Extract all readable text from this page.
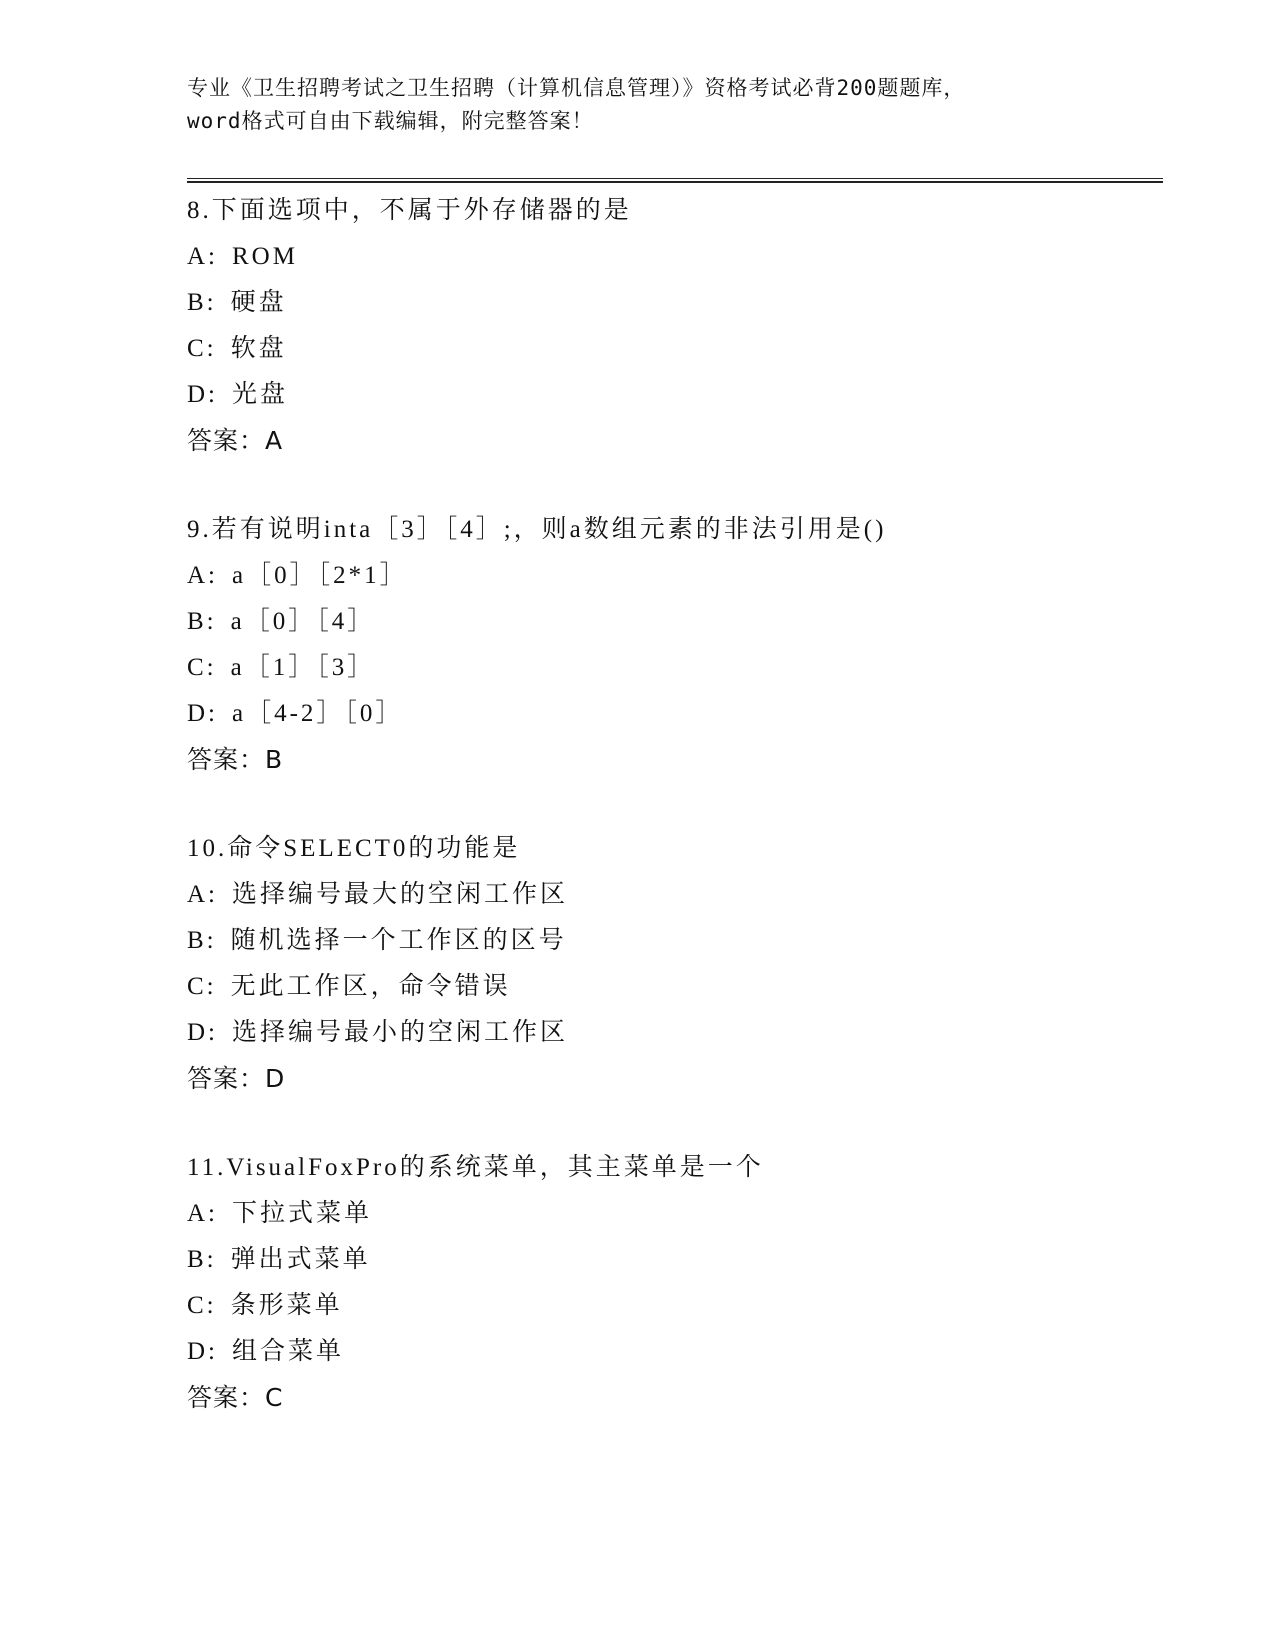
专业《卫生招聘考试之卫生招聘（计算机信息管理）》资格考试必背200题题库，
word格式可自由下载编辑，附完整答案！
8.下面选项中，不属于外存储器的是
A: ROM
B: 硬盘
C: 软盘
D: 光盘
答案：A
9.若有说明inta［3］［4］;，则a数组元素的非法引用是()
A: a［0］［2*1］
B: a［0］［4］
C: a［1］［3］
D: a［4-2］［0］
答案：B
10.命令SELECT0的功能是
A: 选择编号最大的空闲工作区
B: 随机选择一个工作区的区号
C: 无此工作区，命令错误
D: 选择编号最小的空闲工作区
答案：D
11.VisualFoxPro的系统菜单，其主菜单是一个
A: 下拉式菜单
B: 弹出式菜单
C: 条形菜单
D: 组合菜单
答案：C
